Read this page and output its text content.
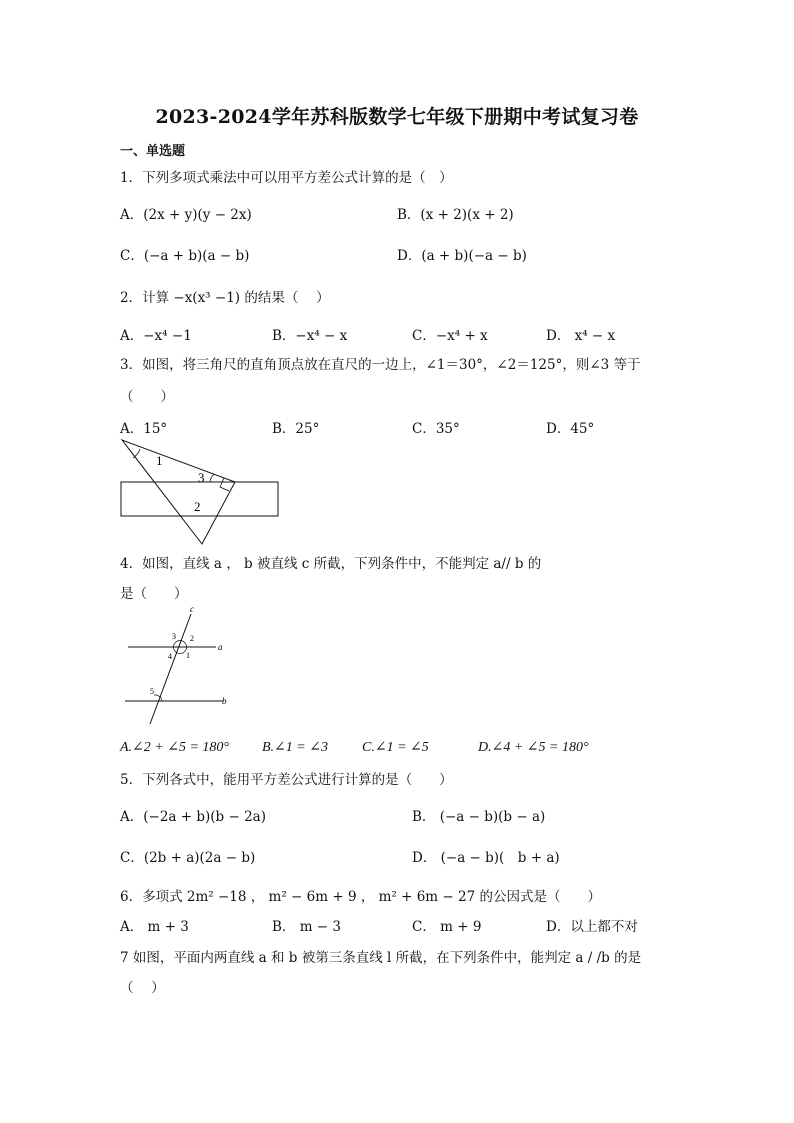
2023-2024学年苏科版数学七年级下册期中考试复习卷
一、单选题
1．下列多项式乘法中可以用平方差公式计算的是（　）
A．(2x + y)(y − 2x)	B．(x + 2)(x + 2)
C．(−a + b)(a − b)	D．(a + b)(−a − b)
2．计算 −x(x³ −1) 的结果（　 ）
A．−x⁴ −1	B．−x⁴ − x	C．−x⁴ + x	D． x⁴ − x
3．如图，将三角尺的直角顶点放在直尺的一边上，∠1＝30°，∠2＝125°，则∠3 等于
（　　）
A．15°	B．25°	C．35°	D．45°
1
3
2
4．如图，直线 a ， b 被直线 c 所截，下列条件中，不能判定 a// b 的
是（　　）
c
a
b
3 2
4 1
5
A.∠2 + ∠5 = 180° B.∠1 = ∠3 C.∠1 = ∠5	D.∠4 + ∠5 = 180°
5．下列各式中，能用平方差公式进行计算的是（　　）
A．(−2a + b)(b − 2a)	B． (−a − b)(b − a)
C．(2b + a)(2a − b)	D． (−a − b)(　b + a)
6．多项式 2m² −18 ， m² − 6m + 9 ， m² + 6m − 27 的公因式是（　　）
A． m + 3	B． m − 3	C． m + 9	D．以上都不对
7 如图，平面内两直线 a 和 b 被第三条直线 l 所截，在下列条件中，能判定 a / /b 的是
（　 ）
